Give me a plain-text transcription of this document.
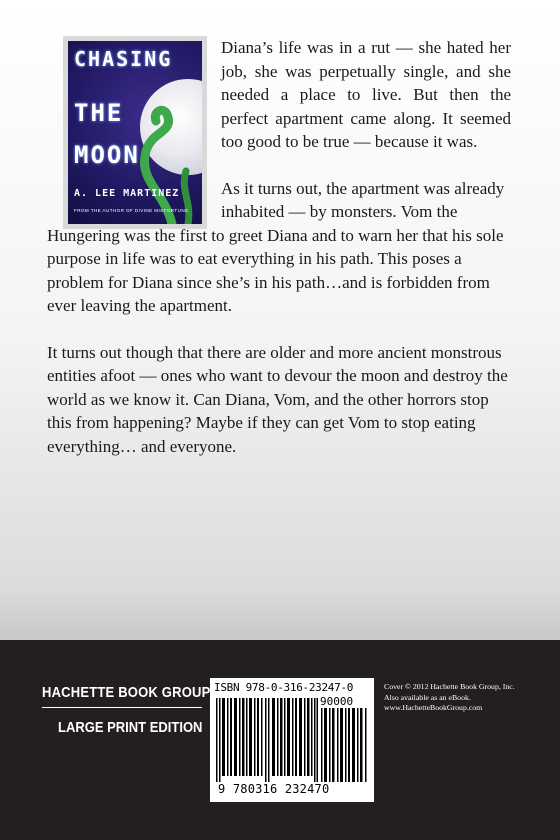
CHASING
THE
MOON
A. LEE MARTINEZ
FROM THE AUTHOR OF DIVINE MISFORTUNE

Diana’s life was in a rut — she hated her job, she was perpetually single, and she needed a place to live. But then the perfect apartment came along. It seemed too good to be true — because it was.

As it turns out, the apartment was already inhabited — by monsters. Vom the Hungering was the first to greet Diana and to warn her that his sole purpose in life was to eat everything in his path. This poses a problem for Diana since she’s in his path…and is forbidden from ever leaving the apartment.

It turns out though that there are older and more ancient monstrous entities afoot — ones who want to devour the moon and destroy the world as we know it. Can Diana, Vom, and the other horrors stop this from happening? Maybe if they can get Vom to stop eating everything… and everyone.

HACHETTE BOOK GROUP
LARGE PRINT EDITION
ISBN 978-0-316-23247-0
90000
9 780316 232470
Cover © 2012 Hachette Book Group, Inc.
Also available as an eBook.
www.HachetteBookGroup.com
